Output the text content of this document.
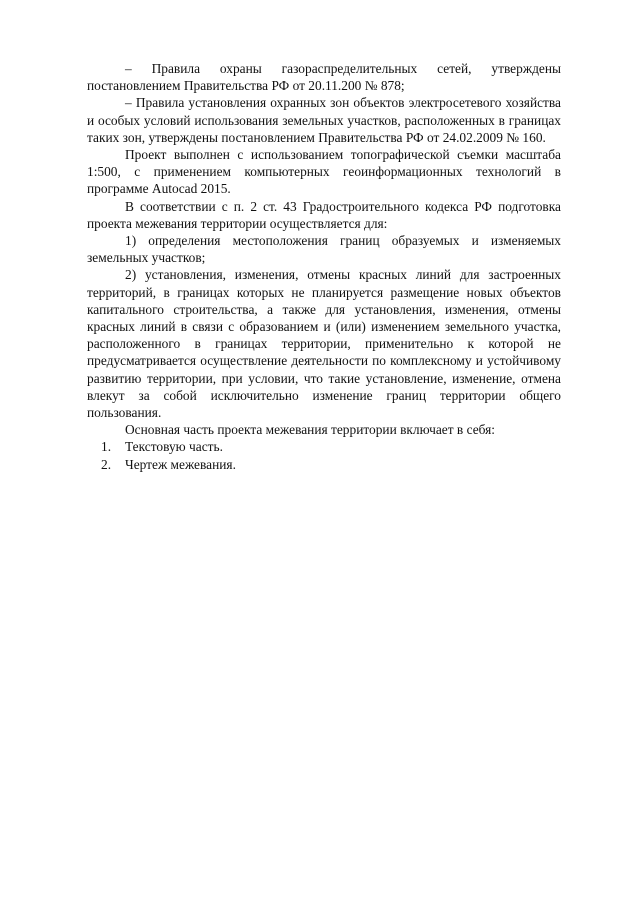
– Правила охраны газораспределительных сетей, утверждены постановлением Правительства РФ от 20.11.200 № 878;

– Правила установления охранных зон объектов электросетевого хозяйства и особых условий использования земельных участков, расположенных в границах таких зон, утверждены постановлением Правительства РФ от 24.02.2009 № 160.

Проект выполнен с использованием топографической съемки масштаба 1:500, с применением компьютерных геоинформационных технологий в программе Autocad 2015.

В соответствии с п. 2 ст. 43 Градостроительного кодекса РФ подготовка проекта межевания территории осуществляется для:

1) определения местоположения границ образуемых и изменяемых земельных участков;

2) установления, изменения, отмены красных линий для застроенных территорий, в границах которых не планируется размещение новых объектов капитального строительства, а также для установления, изменения, отмены красных линий в связи с образованием и (или) изменением земельного участка, расположенного в границах территории, применительно к которой не предусматривается осуществление деятельности по комплексному и устойчивому развитию территории, при условии, что такие установление, изменение, отмена влекут за собой исключительно изменение границ территории общего пользования.

Основная часть проекта межевания территории включает в себя:

1. Текстовую часть.

2. Чертеж межевания.
